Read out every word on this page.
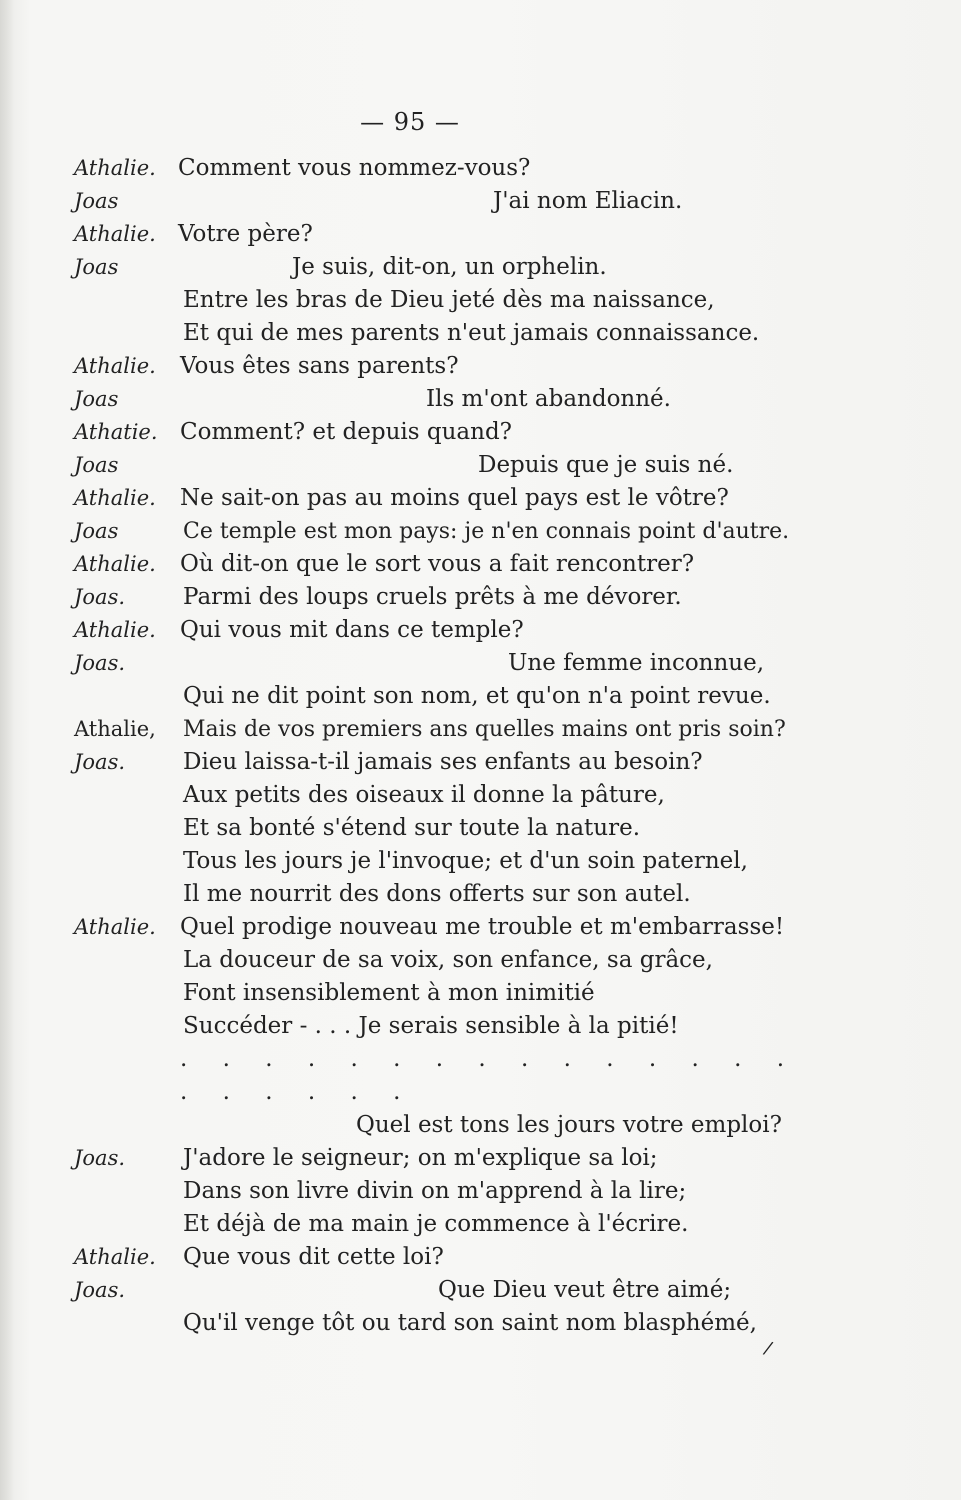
— 95 —
Athalie. Comment vous nommez-vous?
Joas	J'ai nom Eliacin.
Athalie. Votre père?
Joas	Je suis, dit-on, un orphelin.
Entre les bras de Dieu jeté dès ma naissance,
Et qui de mes parents n'eut jamais connaissance.
Athalie. Vous êtes sans parents?
Joas	Ils m'ont abandonné.
Athatie. Comment? et depuis quand?
Joas	Depuis que je suis né.
Athalie. Ne sait-on pas au moins quel pays est le vôtre?
Joas	Ce temple est mon pays: je n'en connais point d'autre.
Athalie. Où dit-on que le sort vous a fait rencontrer?
Joas.	Parmi des loups cruels prêts à me dévorer.
Athalie. Qui vous mit dans ce temple?
Joas.	Une femme inconnue,
Qui ne dit point son nom, et qu'on n'a point revue.
Athalie, Mais de vos premiers ans quelles mains ont pris soin?
Joas.	Dieu laissa-t-il jamais ses enfants au besoin?
Aux petits des oiseaux il donne la pâture,
Et sa bonté s'étend sur toute la nature.
Tous les jours je l'invoque; et d'un soin paternel,
Il me nourrit des dons offerts sur son autel.
Athalie. Quel prodige nouveau me trouble et m'embarrasse!
La douceur de sa voix, son enfance, sa grâce,
Font insensiblement à mon inimitié
Succéder - . . . Je serais sensible à la pitié!
. . . . . . . . . . . . . . .
. . . . . .
Quel est tons les jours votre emploi?
Joas.	J'adore le seigneur; on m'explique sa loi;
Dans son livre divin on m'apprend à la lire;
Et déjà de ma main je commence à l'écrire.
Athalie. Que vous dit cette loi?
Joas.	Que Dieu veut être aimé;
Qu'il venge tôt ou tard son saint nom blasphémé,
/
